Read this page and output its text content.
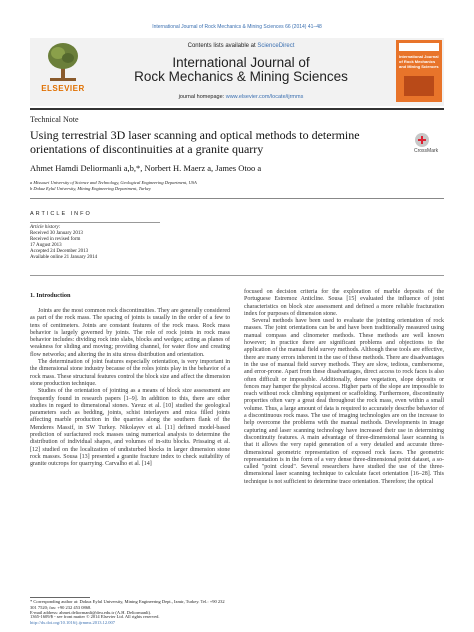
International Journal of Rock Mechanics & Mining Sciences 66 (2014) 41–48
ELSEVIER
Contents lists available at ScienceDirect
International Journal of
Rock Mechanics & Mining Sciences
journal homepage: www.elsevier.com/locate/ijrmms
International Journal of Rock Mechanics and Mining Sciences
Technical Note
Using terrestrial 3D laser scanning and optical methods to determine orientations of discontinuities at a granite quarry	CrossMark
Ahmet Hamdi Deliormanli a,b,*, Norbert H. Maerz a, James Otoo a
a Missouri University of Science and Technology, Geological Engineering Department, USA
b Dokuz Eylul University, Mining Engineering Department, Turkey
ARTICLE INFO
Article history:
Received 30 January 2013
Received in revised form
17 August 2013
Accepted 24 December 2013
Available online 21 January 2014
1. Introduction

Joints are the most common rock discontinuities. They are generally considered as part of the rock mass. The spacing of joints is usually in the order of a few to tens of centimeters. Joints are constant features of the rock mass. Rock mass behavior is largely governed by joints. The role of rock joints in rock mass behavior includes: dividing rock into slabs, blocks and wedges; acting as planes of weakness for sliding and moving; providing channel, for water flow and creating flow networks; and altering the in situ stress distribution and orientation.

The determination of joint features especially orientation, is very important in the dimensional stone industry because of the roles joints play in the behavior of a rock mass. These structural features control the block size and affect the dimension stone production technique.

Studies of the orientation of jointing as a means of block size assessment are frequently found in research papers [1–9]. In addition to this, there are other studies in regard to dimensional stones. Yavuz et al. [10] studied the geological parameters such as bedding, joints, schist interlayers and mica filled joints affecting marble production in the quarries along the southern flank of the Menderes Massif, in SW Turkey. Nikolayev et al. [11] defined model-based prediction of surfactured rock masses using numerical analysis to determine the distribution of individual shapes, and volumes of in-situ blocks. Prissaing et al. [12] studied on the localization of undisturbed blocks in larger dimension stone rock masses. Sousa [13] presented a granite fracture index to check suitability of granite outcrops for quarrying. Carvalho et al. [14]

focused on decision criteria for the exploration of marble deposits of the Portuguese Estremoz Anticline. Sousa [15] evaluated the influence of joint characteristics on block size assessment and defined a more reliable fracturation index for purposes of dimension stone.

Several methods have been used to evaluate the jointing orientation of rock masses. The joint orientations can be and have been traditionally measured using manual compass and clinometer methods. These methods are well known however; in practice there are significant problems and objections to the application of the manual field survey methods. Although these tools are effective, there are many errors inherent in the use of these methods. There are disadvantages in the use of manual field survey methods. They are slow, tedious, cumbersome, and error-prone. Apart from these disadvantages, direct access to rock faces is also often difficult or impossible. Additionally, dense vegetation, slope deposits or fences may hamper the physical access. Higher parts of the slope are impossible to reach without rock climbing equipment or scaffolding. Furthermore, discontinuity properties often vary a great deal throughout the rock mass, even within a small volume. Thus, a large amount of data is required to accurately describe behavior of a discontinuous rock mass. The use of imaging technologies are on the increase to help overcome the problems with the manual methods. Developments in image capturing and laser scanning technology have increased their use in determining discontinuity features. A main advantage of three-dimensional laser scanning is that it allows the very rapid generation of a very detailed and accurate three-dimensional geometric representation of exposed rock faces. The geometric representation is in the form of a very dense three-dimensional point dataset, a so-called "point cloud". Several researchers have studied the use of the three-dimensional laser scanning technique to calculate facet orientation [16–28]. This technique is not sufficient to determine trace orientation. Therefore; the optical

* Corresponding author at: Dokuz Eylul University, Mining Engineering Dept., Izmir, Turkey. Tel.: +90 232 301 7520; fax: +90 232 453 0868.
E-mail address: ahmet.deliormanli@deu.edu.tr (A.H. Deliormanli).
1365-1609/$ - see front matter © 2014 Elsevier Ltd. All rights reserved.
http://dx.doi.org/10.1016/j.ijrmms.2013.12.007
